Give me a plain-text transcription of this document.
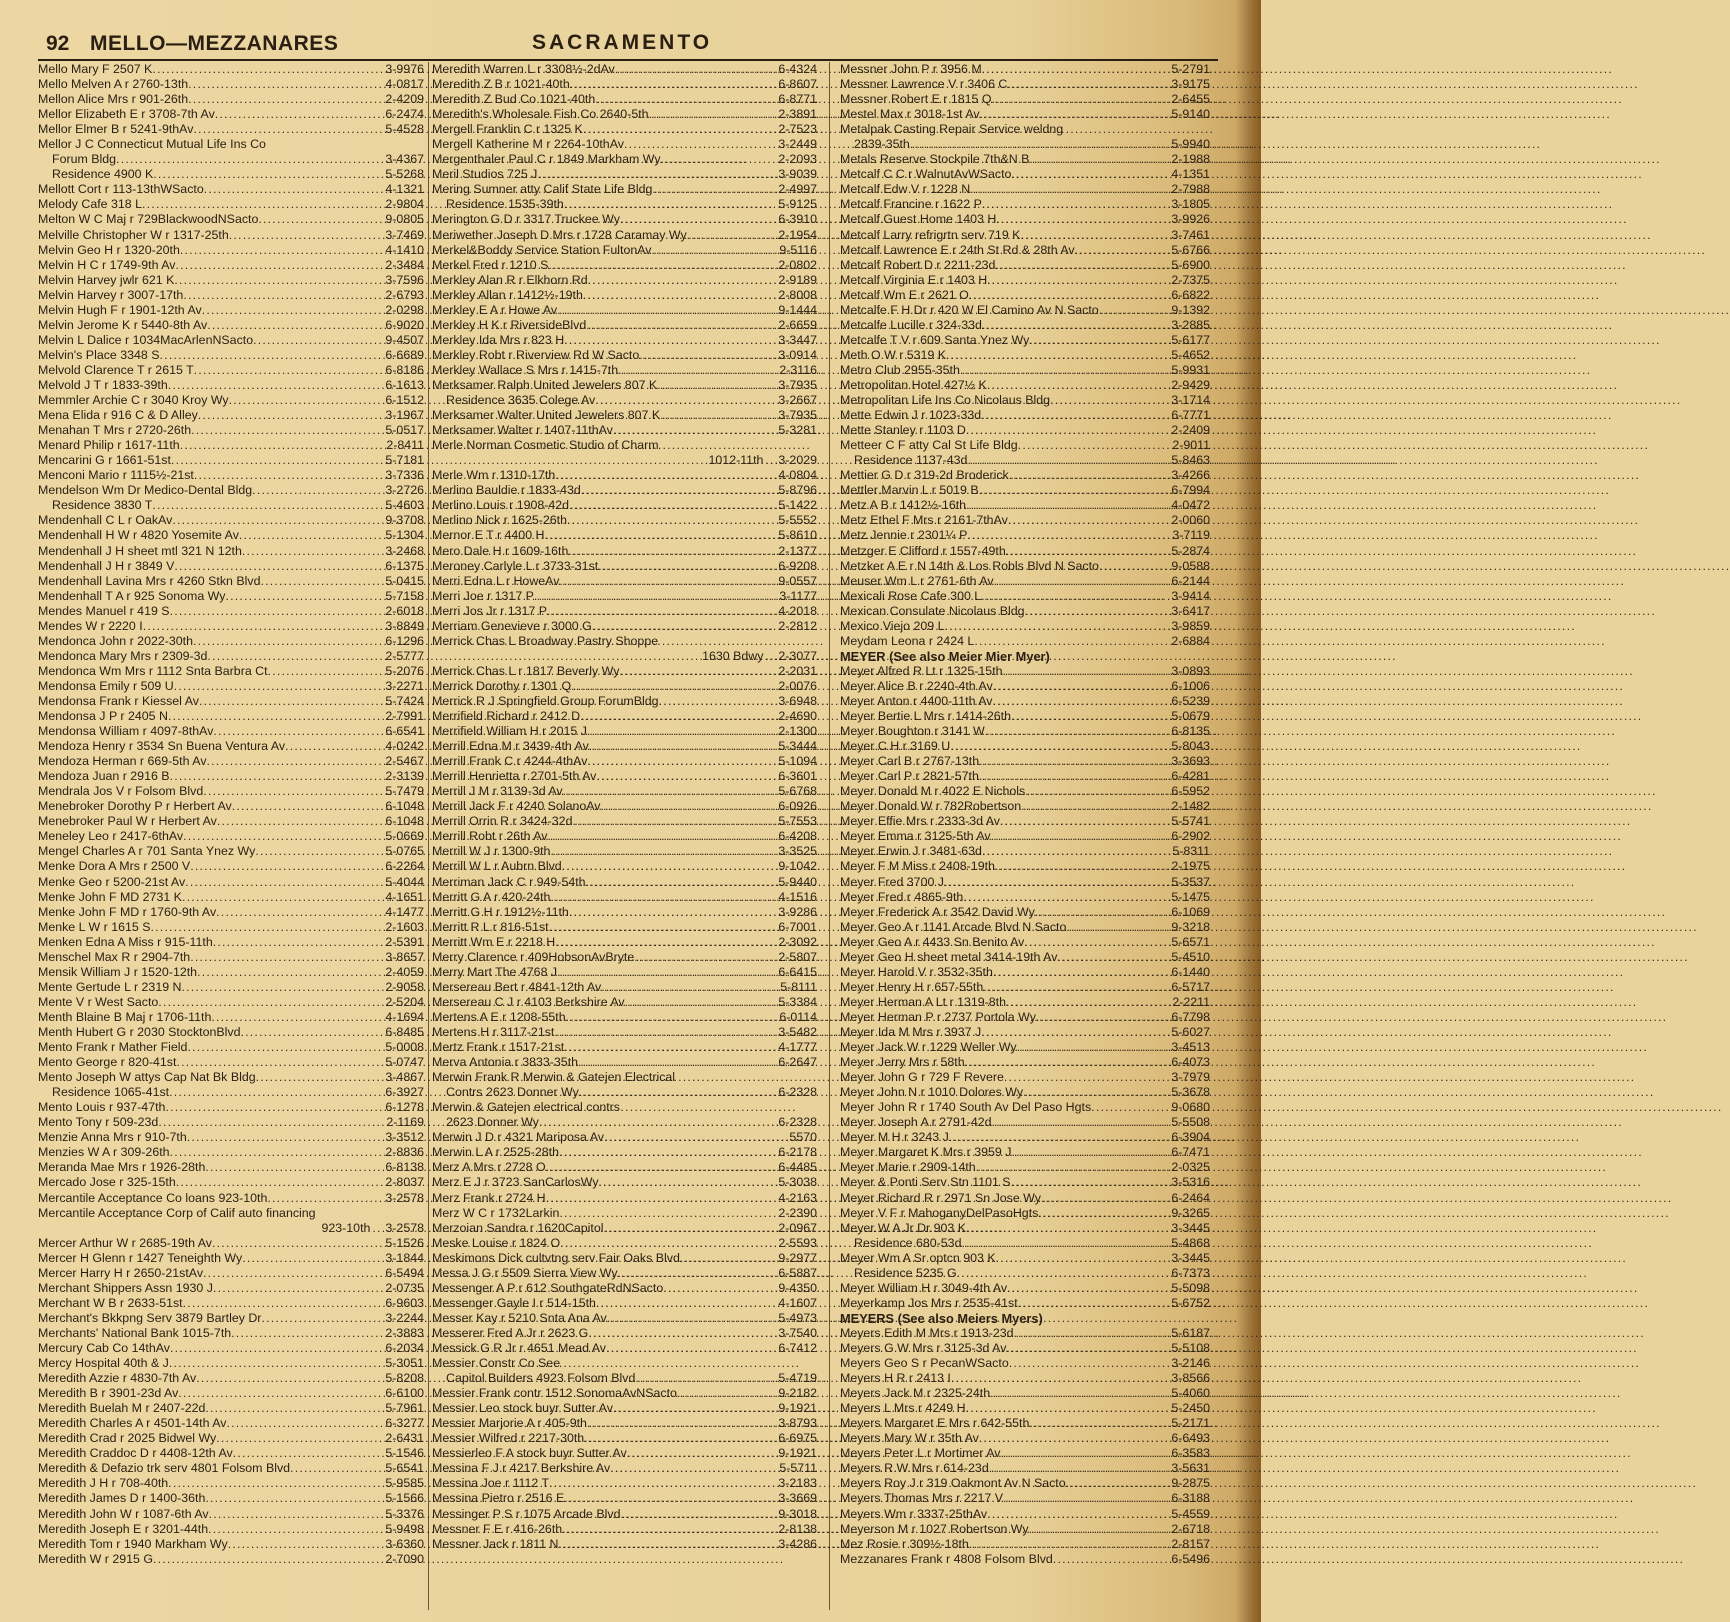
92 MELLO—MEZZANARES	SACRAMENTO
Mello Mary F 2507 K .....	3-9976
Mello Melven A r 2760-13th .....	4-0817
Mellon Alice Mrs r 901-26th .....	2-4209
Mellor Elizabeth E r 3708-7th Av .....	6-2474
Mellor Elmer B r 5241-9thAv .....	5-4528
Mellor J C Connecticut Mutual Life Ins Co
Forum Bldg .....	3-4367
Residence 4900 K .....	5-5268
Mellott Cort r 113-13thWSacto .....	4-1321
Melody Cafe 318 L .....	2-9804
Melton W C Maj r 729BlackwoodNSacto .....	9-0805
Melville Christopher W r 1317-25th .....	3-7469
Melvin Geo H r 1320-20th .....	4-1410
Melvin H C r 1749-9th Av .....	2-3484
Melvin Harvey jwlr 621 K .....	3-7596
Melvin Harvey r 3007-17th .....	2-6793
Melvin Hugh F r 1901-12th Av .....	2-0298
Melvin Jerome K r 5440-8th Av .....	6-9020
Melvin L Dalice r 1034MacArlenNSacto .....	9-4507
Melvin's Place 3348 S .....	6-6689
Melvold Clarence T r 2615 T .....	6-8186
Melvold J T r 1833-39th .....	6-1613
Memmler Archie C r 3040 Kroy Wy .....	6-1512
Mena Elida r 916 C & D Alley .....	3-1967
Menahan T Mrs r 2720-26th .....	5-0517
Menard Philip r 1617-11th .....	2-8411
Mencarini G r 1661-51st .....	5-7181
Menconi Mario r 1115½-21st .....	3-7336
Mendelson Wm Dr Medico-Dental Bldg .....	3-2726
Residence 3830 T .....	5-4603
Mendenhall C L r OakAv .....	9-3708
Mendenhall H W r 4820 Yosemite Av .....	5-1304
Mendenhall J H sheet mtl 321 N 12th .....	3-2468
Mendenhall J H r 3849 V .....	6-1375
Mendenhall Lavina Mrs r 4260 Stkn Blvd .....	5-0415
Mendenhall T A r 925 Sonoma Wy .....	5-7158
Mendes Manuel r 419 S .....	2-6018
Mendes W r 2220 I .....	3-8849
Mendonca John r 2022-30th .....	6-1296
Mendonca Mary Mrs r 2309-3d .....	2-5777
Mendonca Wm Mrs r 1112 Snta Barbra Ct .....	5-2076
Mendonsa Emily r 509 U .....	3-2271
Mendonsa Frank r Kiessel Av .....	5-7424
Mendonsa J P r 2405 N .....	2-7991
Mendonsa William r 4097-8thAv .....	6-6541
Mendoza Henry r 3534 Sn Buena Ventura Av .....	4-0242
Mendoza Herman r 669-5th Av .....	2-5467
Mendoza Juan r 2916 B .....	2-3139
Mendrala Jos V r Folsom Blvd .....	5-7479
Menebroker Dorothy P r Herbert Av .....	6-1048
Menebroker Paul W r Herbert Av .....	6-1048
Meneley Leo r 2417-6thAv .....	5-0669
Mengel Charles A r 701 Santa Ynez Wy .....	5-0765
Menke Dora A Mrs r 2500 V .....	6-2264
Menke Geo r 5200-21st Av .....	5-4044
Menke John F MD 2731 K .....	4-1651
Menke John F MD r 1760-9th Av .....	4-1477
Menke L W r 1615 S .....	2-1603
Menken Edna A Miss r 915-11th .....	2-5391
Menschel Max R r 2904-7th .....	3-8657
Mensik William J r 1520-12th .....	2-4059
Mente Gertude L r 2319 N .....	2-9058
Mente V r West Sacto .....	2-5204
Menth Blaine B Maj r 1706-11th .....	4-1694
Menth Hubert G r 2030 StocktonBlvd .....	6-8485
Mento Frank r Mather Field .....	5-0008
Mento George r 820-41st .....	5-0747
Mento Joseph W attys Cap Nat Bk Bldg .....	3-4867
Residence 1065-41st .....	6-3927
Mento Louis r 937-47th .....	6-1278
Mento Tony r 509-23d .....	2-1169
Menzie Anna Mrs r 910-7th .....	3-3512
Menzies W A r 309-26th .....	2-8836
Meranda Mae Mrs r 1926-28th .....	6-8138
Mercado Jose r 325-15th .....	2-8037
Mercantile Acceptance Co loans 923-10th .....	3-2578
Mercantile Acceptance Corp of Calif auto financing
923-10th ..... 3-2578
Mercer Arthur W r 2685-19th Av .....	5-1526
Mercer H Glenn r 1427 Teneighth Wy .....	3-1844
Mercer Harry H r 2650-21stAv .....	6-5494
Merchant Shippers Assn 1930 J .....	2-0735
Merchant W B r 2633-51st .....	6-9603
Merchant's Bkkpng Serv 3879 Bartley Dr .....	3-2244
Merchants' National Bank 1015-7th .....	2-3883
Mercury Cab Co 14thAv .....	6-2034
Mercy Hospital 40th & J .....	5-3051
Meredith Azzie r 4830-7th Av .....	5-8208
Meredith B r 3901-23d Av .....	6-6100
Meredith Buelah M r 2407-22d .....	5-7961
Meredith Charles A r 4501-14th Av .....	6-3277
Meredith Crad r 2025 Bidwel Wy .....	2-6431
Meredith Craddoc D r 4408-12th Av .....	5-1546
Meredith & Defazio trk serv 4801 Folsom Blvd .....	5-6541
Meredith J H r 708-40th .....	5-9585
Meredith James D r 1400-36th .....	5-1566
Meredith John W r 1087-6th Av .....	5-3376
Meredith Joseph E r 3201-44th .....	5-9498
Meredith Tom r 1940 Markham Wy .....	3-6360
Meredith W r 2915 G .....	2-7090
Meredith Warren L r 3308½-2dAv .....	6-4324
Meredith Z B r 1021-40th .....	6-8607
Meredith Z Bud Co 1021-40th .....	6-8771
Meredith's Wholesale Fish Co 2640-5th .....	2-3891
Mergell Franklin C r 1325 K .....	2-7523
Mergell Katherine M r 2264-10thAv .....	3-2449
Mergenthaler Paul C r 1849 Markham Wy .....	2-2093
Meril Studios 725 J .....	3-9039
Mering Sumner atty Calif State Life Bldg .....	2-4997
Residence 1535-39th .....	5-9125
Merington G D r 3317 Truckee Wy .....	6-3910
Meriwether Joseph D Mrs r 1728 Caramay Wy .....	2-1954
Merkel&Boddy Service Station FultonAv .....	9-5116
Merkel Fred r 1210 S .....	2-0802
Merkley Alan R r Elkhorn Rd .....	2-9189
Merkley Allan r 1412½-19th .....	2-8008
Merkley E A r Howe Av .....	9-1444
Merkley H K r RiversideBlvd .....	2-6659
Merkley Ida Mrs r 823 H .....	3-3447
Merkley Robt r Riverview Rd W Sacto .....	3-0914
Merkley Wallace S Mrs r 1415-7th .....	2-3116
Merksamer Ralph United Jewelers 807 K .....	3-7935
Residence 3635 Colege Av .....	3-2667
Merksamer Walter United Jewelers 807 K .....	3-7935
Merksamer Walter r 1407-11thAv .....	5-3281
Merle Norman Cosmetic Studio of Charm
1012-11th ..... 3-2029
Merle Wm r 1310-17th .....	4-0804
Merlino Bauldie r 1833-43d .....	5-8796
Merlino Louis r 1908-42d .....	5-1422
Merlino Nick r 1625-26th .....	5-5552
Mernor E T r 4400 H .....	5-8610
Mero Dale H r 1609-16th .....	2-1377
Meroney Carlyle L r 3733-31st .....	6-9208
Merri Edna L r HoweAv .....	9-0557
Merri Joe r 1317 P .....	3-1177
Merri Jos Jr r 1317 P .....	4-2018
Merriam Genevieve r 3000 G .....	2-2812
Merrick Chas L Broadway Pastry Shoppe
1630 Bdwy ..... 2-3077
Merrick Chas L r 1817 Beverly Wy .....	2-2031
Merrick Dorothy r 1301 Q .....	2-0076
Merrick R J Springfield Group ForumBldg .....	3-6948
Merrifield Richard r 2412 D .....	2-4690
Merrifield William H r 2015 J .....	2-1300
Merrill Edna M r 3439-4th Av .....	5-3444
Merrill Frank C r 4244-4thAv .....	5-1094
Merrill Henrietta r 2701-5th Av .....	6-3601
Merrill J M r 3139-3d Av .....	5-6768
Merrill Jack F r 4240 SolanoAv .....	6-0926
Merrill Orrin R r 3424-32d .....	5-7553
Merrill Robt r 26th Av .....	6-4208
Merrill W J r 1300-9th .....	3-3525
Merrill W L r Aubrn Blvd .....	9-1042
Merriman Jack C r 949-54th .....	5-9440
Merritt G A r 420-24th .....	4-1516
Merritt G H r 1912½-11th .....	3-9286
Merritt R L r 816-51st .....	6-7001
Merritt Wm E r 2218 H .....	2-3092
Merry Clarence r 409HobsonAvBryte .....	2-5807
Merry Mart The 4768 J .....	6-6415
Mersereau Bert r 4841-12th Av .....	5-8111
Mersereau C J r 4103 Berkshire Av .....	5-3384
Mertens A E r 1208-55th .....	6-0114
Mertens H r 3117-21st .....	3-5482
Mertz Frank r 1517-21st .....	4-1777
Merva Antonia r 3833-35th .....	6-2647
Merwin Frank R Merwin & Gatejen Electrical
Contrs 2623 Donner Wy .....	6-2328
Merwin & Gatejen electrical contrs
2623 Donner Wy .....	6-2328
Merwin J D r 4321 Mariposa Av .....	5570
Merwin L A r 2525-28th .....	6-2178
Merz A Mrs r 2728 O .....	6-4485
Merz E J r 3723 SanCarlosWy .....	5-3038
Merz Frank r 2724 H .....	4-2163
Merz W C r 1732Larkin .....	2-2390
Merzoian Sandra r 1620Capitol .....	2-0967
Meske Louise r 1824 O .....	2-5593
Meskimons Dick cultvtng serv Fair Oaks Blvd .....	9-2977
Messa J G r 5509 Sierra View Wy .....	6-5887
Messenger A P r 612 SouthgateRdNSacto .....	9-4350
Messenger Gayle I r 514-15th .....	4-1607
Messer Kay r 5210 Snta Ana Av .....	5-4973
Messerer Fred A Jr r 2623 G .....	3-7540
Messick G R Jr r 4651 Mead Av .....	6-7412
Messier Constr Co See
Capitol Builders 4923 Folsom Blvd .....	5-4719
Messier Frank contr 1512 SonomaAvNSacto .....	9-2182
Messier Leo stock buyr Sutter Av .....	9-1921
Messier Marjorie A r 405-9th .....	3-8793
Messier Wilfred r 2217-30th .....	6-6975
Messierleo F A stock buyr Sutter Av .....	9-1921
Messina F J r 4217 Berkshire Av .....	5-5711
Messina Joe r 1112 T .....	3-2183
Messina Pietro r 2516 E .....	3-3669
Messinger P S r 1075 Arcade Blvd .....	9-3018
Messner F E r 416-26th .....	2-8138
Messner Jack r 1811 N .....	3-4286
Messner John P r 3956 M .....	5-2791
Messner Lawrence V r 3406 C .....	3-9175
Messner Robert E r 1815 Q .....	2-6455
Mestel Max r 3018-1st Av .....	5-9140
Metalpak Casting Repair Service weldng
2839-35th .....	5-9940
Metals Reserve Stockpile 7th&N B .....	2-1988
Metcalf C C r WalnutAvWSacto .....	4-1351
Metcalf Edw V r 1228 N .....	2-7988
Metcalf Francine r 1622 P .....	3-1805
Metcalf Guest Home 1403 H .....	3-9926
Metcalf Larry refrigrtn serv 719 K .....	3-7461
Metcalf Lawrence E r 24th St Rd & 28th Av .....	5-6766
Metcalf Robert D r 2211-23d .....	5-6900
Metcalf Virginia E r 1403 H .....	2-7375
Metcalf Wm E r 2621 O .....	6-6822
Metcalfe F H Dr r 420 W El Camino Av N Sacto .....	9-1392
Metcalfe Lucille r 324-33d .....	3-2885
Metcalfe T V r 609 Santa Ynez Wy .....	5-6177
Meth O W r 5319 K .....	5-4652
Metro Club 2955-35th .....	5-9931
Metropolitan Hotel 427½ K .....	2-9429
Metropolitan Life Ins Co Nicolaus Bldg .....	3-1714
Mette Edwin J r 1023-33d .....	6-7771
Mette Stanley r 1103 D .....	2-2409
Metteer C F atty Cal St Life Bldg .....	2-9011
Residence 1137-43d .....	5-8463
Mettier G D r 319-2d Broderick .....	3-4266
Mettler Marvin L r 5019 B .....	6-7994
Metz A B r 1412½-16th .....	4-0472
Metz Ethel F Mrs r 2161-7thAv .....	2-0060
Metz Jennie r 2301¼ P .....	3-7119
Metzger E Clifford r 1557-49th .....	5-2874
Metzker A E r N 14th & Los Robls Blvd N Sacto .....	9-0588
Meuser Wm L r 2761-6th Av .....	6-2144
Mexicali Rose Cafe 300 L .....	3-9414
Mexican Consulate Nicolaus Bldg .....	3-6417
Mexico Viejo 209 L .....	3-9859
Meydam Leona r 2424 L .....	2-6884
MEYER (See also Meier Mier Myer)
Meyer Alfred R Lt r 1325-15th .....	3-0893
Meyer Alice B r 2240-4th Av .....	6-1006
Meyer Anton r 4400-11th Av .....	6-5239
Meyer Bertie L Mrs r 1414-26th .....	5-0679
Meyer Boughton r 3141 W .....	6-8135
Meyer C H r 3169 U .....	5-8043
Meyer Carl B r 2767-13th .....	3-3693
Meyer Carl P r 2821-57th .....	6-4281
Meyer Donald M r 4022 E Nichols .....	6-5952
Meyer Donald W r 782Robertson .....	2-1482
Meyer Effie Mrs r 2333-3d Av .....	5-5741
Meyer Emma r 3125-5th Av .....	6-2902
Meyer Erwin J r 3481-63d .....	5-8311
Meyer F M Miss r 2408-19th .....	2-1975
Meyer Fred 3700 J .....	5-3537
Meyer Fred r 4865-9th .....	5-1475
Meyer Frederick A r 3542 David Wy .....	6-1069
Meyer Geo A r 1141 Arcade Blvd N Sacto .....	9-3218
Meyer Geo A r 4433 Sn Benito Av .....	5-6571
Meyer Geo H sheet metal 3414-19th Av .....	5-4510
Meyer Harold V r 3532-35th .....	6-1440
Meyer Henry H r 657-55th .....	6-5717
Meyer Herman A Lt r 1319-8th .....	2-2211
Meyer Herman P r 2737 Portola Wy .....	6-7798
Meyer Ida M Mrs r 3937 J .....	5-6027
Meyer Jack W r 1229 Weller Wy .....	3-4513
Meyer Jerry Mrs r 58th .....	6-4073
Meyer John G r 729 F Revere .....	3-7979
Meyer John N r 1010 Dolores Wy .....	5-3678
Meyer John R r 1740 South Av Del Paso Hgts .....	9-0680
Meyer Joseph A r 2791-42d .....	5-5508
Meyer M H r 3243 J .....	6-3904
Meyer Margaret K Mrs r 3959 J .....	6-7471
Meyer Marie r 2909-14th .....	2-0325
Meyer & Ponti Serv Stn 1101 S .....	3-5316
Meyer Richard R r 2971 Sn Jose Wy .....	6-2464
Meyer V F r MahoganyDelPasoHgts .....	9-3265
Meyer W A Jr Dr 903 K .....	3-3445
Residence 680-53d .....	5-4868
Meyer Wm A Sr optcn 903 K .....	3-3445
Residence 5235 G .....	6-7373
Meyer William H r 3049-4th Av .....	5-5098
Meyerkamp Jos Mrs r 2535-41st .....	5-6752
MEYERS (See also Meiers Myers)
Meyers Edith M Mrs r 1913-23d .....	5-6187
Meyers G W Mrs r 3125-3d Av .....	5-5108
Meyers Geo S r PecanWSacto .....	3-2146
Meyers H R r 2413 I .....	3-8566
Meyers Jack M r 2325-24th .....	5-4060
Meyers L Mrs r 4249 H .....	5-2450
Meyers Margaret E Mrs r 642-55th .....	5-2171
Meyers Mary W r 35th Av .....	6-6493
Meyers Peter L r Mortimer Av .....	6-3583
Meyers R W Mrs r 614-23d .....	3-5631
Meyers Roy J r 319 Oakmont Av N Sacto .....	9-2875
Meyers Thomas Mrs r 2217 V .....	6-3188
Meyers Wm r 3337-25thAv .....	5-4559
Meyerson M r 1027 Robertson Wy .....	2-6718
Mez Rosie r 309½-18th .....	2-8157
Mezzanares Frank r 4808 Folsom Blvd .....	6-5496
